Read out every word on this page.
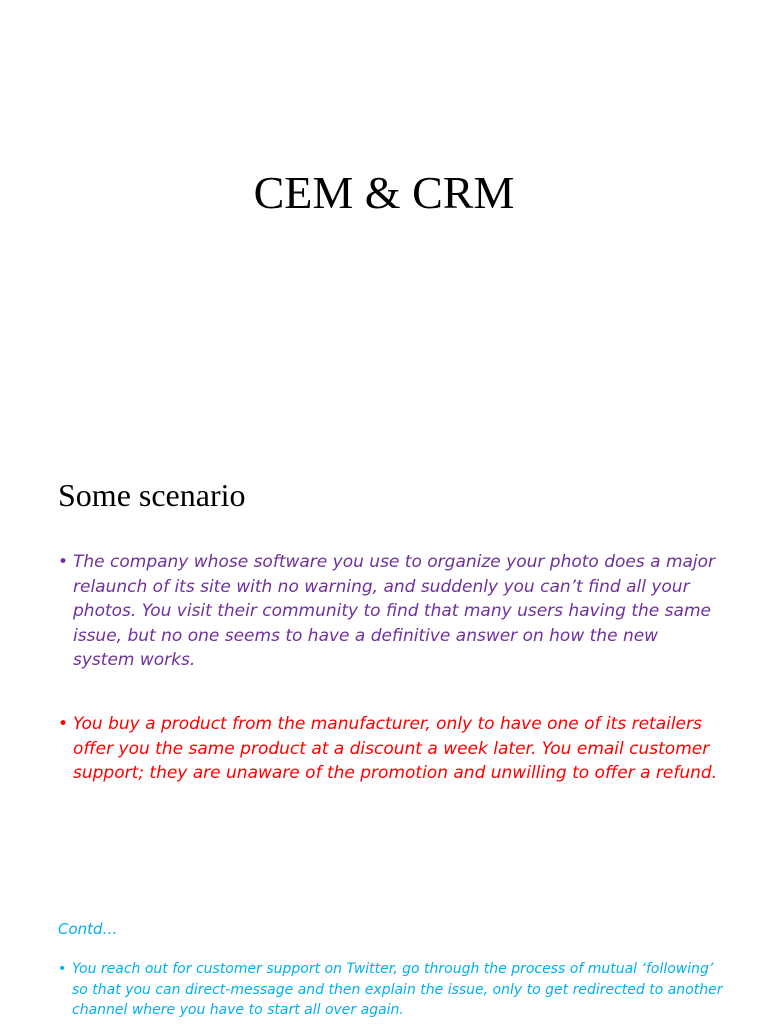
CEM & CRM
Some scenario
• The company whose software you use to organize your photo does a major relaunch of its site with no warning, and suddenly you can’t find all your photos. You visit their community to find that many users having the same issue, but no one seems to have a definitive answer on how the new system works.
• You buy a product from the manufacturer, only to have one of its retailers offer you the same product at a discount a week later. You email customer support; they are unaware of the promotion and unwilling to offer a refund.
Contd…
• You reach out for customer support on Twitter, go through the process of mutual ‘following’ so that you can direct-message and then explain the issue, only to get redirected to another channel where you have to start all over again.
